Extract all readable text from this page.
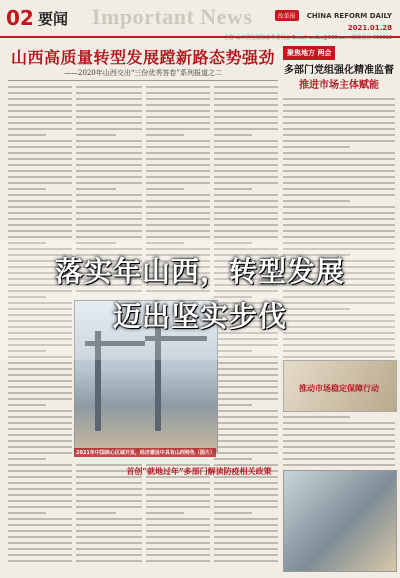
02 要闻 Important News	改革报 CHINA REFORM DAILY
2021.01.28
主管 山西省发展和改革委员会 Email: crdbs@163.com 邮政编码 030012
山西高质量转型发展蹚新路态势强劲
——2020年山西交出“三份优秀答卷”系列报道之二
聚焦地方 两会
多部门党组强化精准监督
推进市场主体赋能
推动市场稳定保障行动
2021年中国核心区域开发，经济建设中具有山西特色（图片）
首创“就地过年”多部门解读防疫相关政策
落实年山西，转型发展
迈出坚实步伐
